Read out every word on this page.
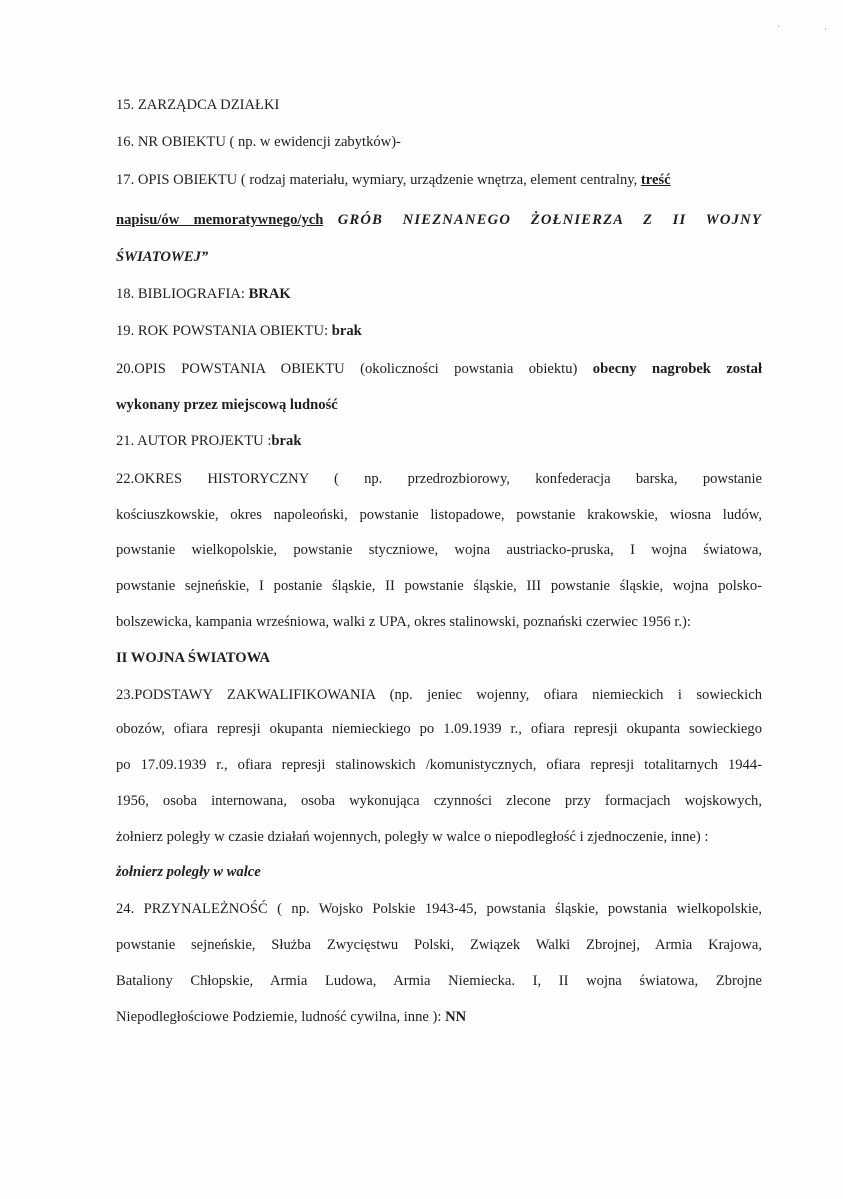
ʳ	·
15. ZARZĄDCA DZIAŁKI
16. NR OBIEKTU ( np. w ewidencji zabytków)-
17. OPIS OBIEKTU ( rodzaj materiału, wymiary, urządzenie wnętrza, element centralny, treść
napisu/ów memoratywnego/ych GRÓB NIEZNANEGO ŻOŁNIERZA Z II WOJNY
ŚWIATOWEJ”
18. BIBLIOGRAFIA: BRAK
19. ROK POWSTANIA OBIEKTU: brak
20.OPIS POWSTANIA OBIEKTU (okoliczności powstania obiektu) obecny nagrobek został
wykonany przez miejscową ludność
21. AUTOR PROJEKTU :brak
22.OKRES HISTORYCZNY ( np. przedrozbiorowy, konfederacja barska, powstanie
kościuszkowskie, okres napoleoński, powstanie listopadowe, powstanie krakowskie, wiosna ludów,
powstanie wielkopolskie, powstanie styczniowe, wojna austriacko-pruska, I wojna światowa,
powstanie sejneńskie, I postanie śląskie, II powstanie śląskie, III powstanie śląskie, wojna polsko-
bolszewicka, kampania wrześniowa, walki z UPA, okres stalinowski, poznański czerwiec 1956 r.):
II WOJNA ŚWIATOWA
23.PODSTAWY ZAKWALIFIKOWANIA (np. jeniec wojenny, ofiara niemieckich i sowieckich
obozów, ofiara represji okupanta niemieckiego po 1.09.1939 r., ofiara represji okupanta sowieckiego
po 17.09.1939 r., ofiara represji stalinowskich /komunistycznych, ofiara represji totalitarnych 1944-
1956, osoba internowana, osoba wykonująca czynności zlecone przy formacjach wojskowych,
żołnierz poległy w czasie działań wojennych, poległy w walce o niepodległość i zjednoczenie, inne) :
żołnierz poległy w walce
24. PRZYNALEŻNOŚĆ ( np. Wojsko Polskie 1943-45, powstania śląskie, powstania wielkopolskie,
powstanie sejneńskie, Służba Zwycięstwu Polski, Związek Walki Zbrojnej, Armia Krajowa,
Bataliony Chłopskie, Armia Ludowa, Armia Niemiecka. I, II wojna światowa, Zbrojne
Niepodległościowe Podziemie, ludność cywilna, inne ): NN
